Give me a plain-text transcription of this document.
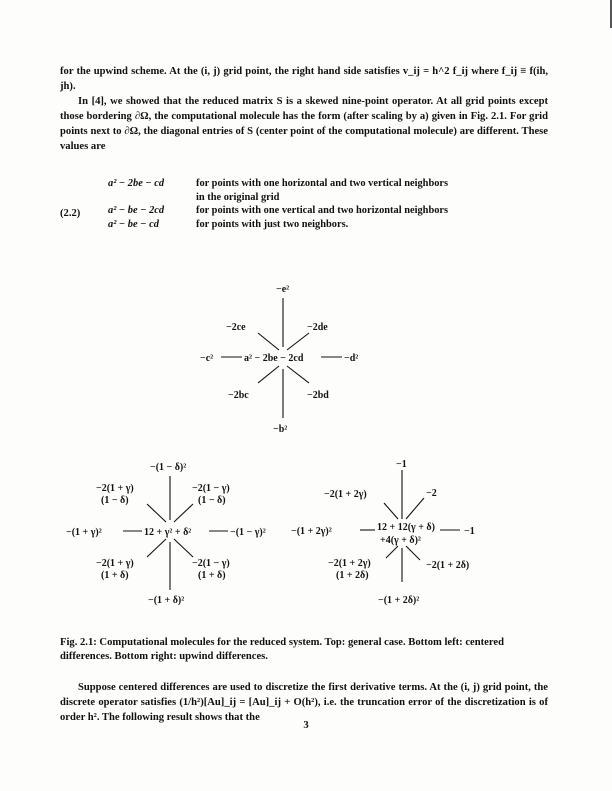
for the upwind scheme. At the (i, j) grid point, the right hand side satisfies v_ij = h^2 f_ij where f_ij ≡ f(ih, jh).

In [4], we showed that the reduced matrix S is a skewed nine-point operator. At all grid points except those bordering ∂Ω, the computational molecule has the form (after scaling by a) given in Fig. 2.1. For grid points next to ∂Ω, the diagonal entries of S (center point of the computational molecule) are different. These values are

(2.2)
a² − 2be − cd	for points with one horizontal and two vertical neighbors
	in the original grid
a² − be − 2cd	for points with one vertical and two horizontal neighbors
a² − be − cd	for points with just two neighbors.
−e²
−2ce	−2de
−c²	a² − 2be − 2cd	−d²
−2bc	−2bd
−b²
−(1 − δ)²
−2(1 + γ)
(1 − δ)
−2(1 − γ)
(1 − δ)
−(1 + γ)²	12 + γ² + δ²	−(1 − γ)²
−2(1 + γ)
(1 + δ)
−2(1 − γ)
(1 + δ)
−(1 + δ)²
−1
−2(1 + 2γ)	−2
−(1 + 2γ)²	12 + 12(γ + δ)
+4(γ + δ)²
−1
−2(1 + 2γ)
(1 + 2δ)
−2(1 + 2δ)
−(1 + 2δ)²

Fig. 2.1: Computational molecules for the reduced system. Top: general case. Bottom left: centered differences. Bottom right: upwind differences.

Suppose centered differences are used to discretize the first derivative terms. At the (i, j) grid point, the discrete operator satisfies (1/h²)[Au]_ij = [Au]_ij + O(h²), i.e. the truncation error of the discretization is of order h². The following result shows that the

3
